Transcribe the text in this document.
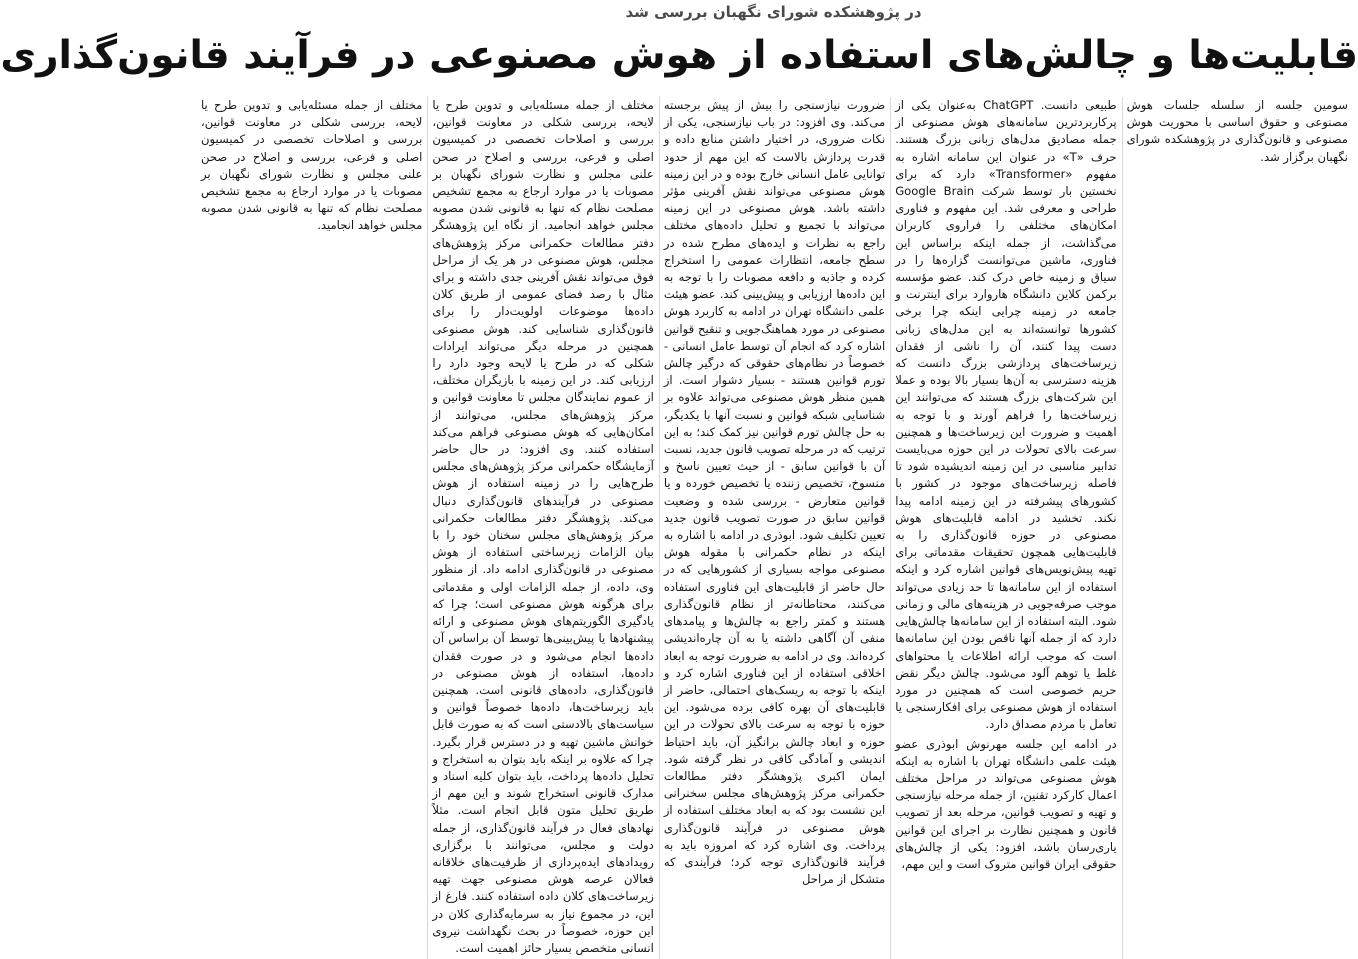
در پژوهشکده شورای نگهبان بررسی شد
قابلیت‌ها و چالش‌های استفاده از هوش مصنوعی در فرآیند قانون‌گذاری

سومین جلسه از سلسله جلسات هوش مصنوعی و حقوق اساسی با محوریت هوش مصنوعی و قانون‌گذاری در پژوهشکده شورای نگهبان برگزار شد.

طبیعی دانست. ChatGPT به‌عنوان یکی از پرکاربردترین سامانه‌های هوش مصنوعی از جمله مصادیق مدل‌های زبانی بزرگ هستند. حرف «T» در عنوان این سامانه اشاره به مفهوم «Transformer» دارد که برای نخستین بار توسط شرکت Google Brain طراحی و معرفی شد. این مفهوم و فناوری امکان‌های مختلفی را فراروی کاربران می‌گذاشت، از جمله اینکه براساس این فناوری، ماشین می‌توانست گزاره‌ها را در سیاق و زمینه خاص درک کند. عضو مؤسسه برکمن کلاین دانشگاه هاروارد برای اینترنت و جامعه در زمینه چرایی اینکه چرا برخی کشورها توانسته‌اند به این مدل‌های زبانی دست پیدا کنند، آن را ناشی از فقدان زیرساخت‌های پردازشی بزرگ دانست که هزینه دسترسی به آن‌ها بسیار بالا بوده و عملا این شرکت‌های بزرگ هستند که می‌توانند این زیرساخت‌ها را فراهم آورند و با توجه به اهمیت و ضرورت این زیرساخت‌ها و همچنین سرعت بالای تحولات در این حوزه می‌بایست تدابیر مناسبی در این زمینه اندیشیده شود تا فاصله زیرساخت‌های موجود در کشور با کشورهای پیشرفته در این زمینه ادامه پیدا نکند. تخشید در ادامه قابلیت‌های هوش مصنوعی در حوزه قانون‌گذاری را به قابلیت‌هایی همچون تحقیقات مقدماتی برای تهیه پیش‌نویس‌های قوانین اشاره کرد و اینکه استفاده از این سامانه‌ها تا حد زیادی می‌تواند موجب صرفه‌جویی در هزینه‌های مالی و زمانی شود. البته استفاده از این سامانه‌ها چالش‌هایی دارد که از جمله آنها ناقص بودن این سامانه‌ها است که موجب ارائه اطلاعات یا محتواهای غلط یا توهم آلود می‌شود. چالش دیگر نقض حریم خصوصی است که همچنین در مورد استفاده از هوش مصنوعی برای افکارسنجی یا تعامل با مردم مصداق دارد.

در ادامه این جلسه مهرنوش ابوذری عضو هیئت علمی دانشگاه تهران با اشاره به اینکه هوش مصنوعی می‌تواند در مراحل مختلف اعمال کارکرد تقنین، از جمله مرحله نیازسنجی و تهیه و تصویب قوانین، مرحله بعد از تصویب قانون و همچنین نظارت بر اجرای این قوانین یاری‌رسان باشد، افزود: یکی از چالش‌های حقوقی ایران قوانین متروک است و این مهم،

ضرورت نیازسنجی را بیش از پیش برجسته می‌کند. وی افزود: در باب نیازسنجی، یکی از نکات ضروری، در اختیار داشتن منابع داده و قدرت پردازش بالاست که این مهم از حدود توانایی عامل انسانی خارج بوده و در این زمینه هوش مصنوعی می‌تواند نقش آفرینی مؤثر داشته باشد. هوش مصنوعی در این زمینه می‌تواند با تجمیع و تحلیل داده‌های مختلف راجع به نظرات و ایده‌های مطرح شده در سطح جامعه، انتظارات عمومی را استخراج کرده و جاذبه و دافعه مصوبات را با توجه به این داده‌ها ارزیابی و پیش‌بینی کند. عضو هیئت علمی دانشگاه تهران در ادامه به کاربرد هوش مصنوعی در مورد هماهنگ‌جویی و تنقیح قوانین اشاره کرد که انجام آن توسط عامل انسانی - خصوصاً در نظام‌های حقوقی که درگیر چالش تورم قوانین هستند - بسیار دشوار است. از همین منظر هوش مصنوعی می‌تواند علاوه بر شناسایی شبکه قوانین و نسبت آنها با یکدیگر، به حل چالش تورم قوانین نیز کمک کند؛ به این ترتیب که در مرحله تصویب قانون جدید، نسبت آن با قوانین سابق - از حیث تعیین ناسخ و منسوخ، تخصیص زننده یا تخصیص خورده و یا قوانین متعارض - بررسی شده و وضعیت قوانین سابق در صورت تصویب قانون جدید تعیین تکلیف شود. ابوذری در ادامه با اشاره به اینکه در نظام حکمرانی با مقوله هوش مصنوعی مواجه بسیاری از کشورهایی که در حال حاضر از قابلیت‌های این فناوری استفاده می‌کنند، محتاطانه‌تر از نظام قانون‌گذاری هستند و کمتر راجع به چالش‌ها و پیامدهای منفی آن آگاهی داشته یا به آن چاره‌اندیشی کرده‌اند. وی در ادامه به ضرورت توجه به ابعاد اخلاقی استفاده از این فناوری اشاره کرد و اینکه با توجه به ریسک‌های احتمالی، حاضر از قابلیت‌های آن بهره کافی برده می‌شود. این حوزه با توجه به سرعت بالای تحولات در این حوزه و ابعاد چالش برانگیز آن، باید احتیاط اندیشی و آمادگی کافی در نظر گرفته شود. ایمان اکبری پژوهشگر دفتر مطالعات حکمرانی مرکز پژوهش‌های مجلس سخنرانی این نشست بود که به ابعاد مختلف استفاده از هوش مصنوعی در فرآیند قانون‌گذاری پرداخت. وی اشاره کرد که امروزه باید به فرآیند قانون‌گذاری توجه کرد؛ فرآیندی که متشکل از مراحل

مختلف از جمله مسئله‌یابی و تدوین طرح یا لایحه، بررسی شکلی در معاونت قوانین، بررسی و اصلاحات تخصصی در کمیسیون اصلی و فرعی، بررسی و اصلاح در صحن علنی مجلس و نظارت شورای نگهبان بر مصوبات یا در موارد ارجاع به مجمع تشخیص مصلحت نظام که تنها به قانونی شدن مصوبه مجلس خواهد انجامید. از نگاه این پژوهشگر دفتر مطالعات حکمرانی مرکز پژوهش‌های مجلس، هوش مصنوعی در هر یک از مراحل فوق می‌تواند نقش آفرینی جدی داشته و برای مثال با رصد فضای عمومی از طریق کلان داده‌ها موضوعات اولویت‌دار را برای قانون‌گذاری شناسایی کند. هوش مصنوعی همچنین در مرحله دیگر می‌تواند ایرادات شکلی که در طرح یا لایحه وجود دارد را ارزیابی کند. در این زمینه با بازیگران مختلف، از عموم نمایندگان مجلس تا معاونت قوانین و مرکز پژوهش‌های مجلس، می‌توانند از امکان‌هایی که هوش مصنوعی فراهم می‌کند استفاده کنند. وی افزود: در حال حاضر آزمایشگاه حکمرانی مرکز پژوهش‌های مجلس طرح‌هایی را در زمینه استفاده از هوش مصنوعی در فرآیندهای قانون‌گذاری دنبال می‌کند. پژوهشگر دفتر مطالعات حکمرانی مرکز پژوهش‌های مجلس سخنان خود را با بیان الزامات زیرساختی استفاده از هوش مصنوعی در قانون‌گذاری ادامه داد. از منظور وی، داده، از جمله الزامات اولی و مقدماتی برای هرگونه هوش مصنوعی است؛ چرا که یادگیری الگوریتم‌های هوش مصنوعی و ارائه پیشنهادها یا پیش‌بینی‌ها توسط آن براساس آن داده‌ها انجام می‌شود و در صورت فقدان داده‌ها، استفاده از هوش مصنوعی در قانون‌گذاری، داده‌های قانونی است. همچنین باید زیرساخت‌ها، داده‌ها خصوصاً قوانین و سیاست‌های بالادستی است که به صورت قابل خوانش ماشین تهیه و در دسترس قرار بگیرد. چرا که علاوه بر اینکه باید بتوان به استخراج و تحلیل داده‌ها پرداخت، باید بتوان کلیه اسناد و مدارک قانونی استخراج شوند و این مهم از طریق تحلیل متون قابل انجام است. مثلاً نهادهای فعال در فرآیند قانون‌گذاری، از جمله دولت و مجلس، می‌توانند با برگزاری رویدادهای ایده‌پردازی از ظرفیت‌های خلاقانه فعالان عرصه هوش مصنوعی جهت تهیه زیرساخت‌های کلان داده استفاده کنند. فارغ از این، در مجموع نیاز به سرمایه‌گذاری کلان در این حوزه، خصوصاً در بحث نگهداشت نیروی انسانی متخصص بسیار حائز اهمیت است.

مختلف از جمله مسئله‌یابی و تدوین طرح یا لایحه، بررسی شکلی در معاونت قوانین، بررسی و اصلاحات تخصصی در کمیسیون اصلی و فرعی، بررسی و اصلاح در صحن علنی مجلس و نظارت شورای نگهبان بر مصوبات یا در موارد ارجاع به مجمع تشخیص مصلحت نظام که تنها به قانونی شدن مصوبه مجلس خواهد انجامید.
